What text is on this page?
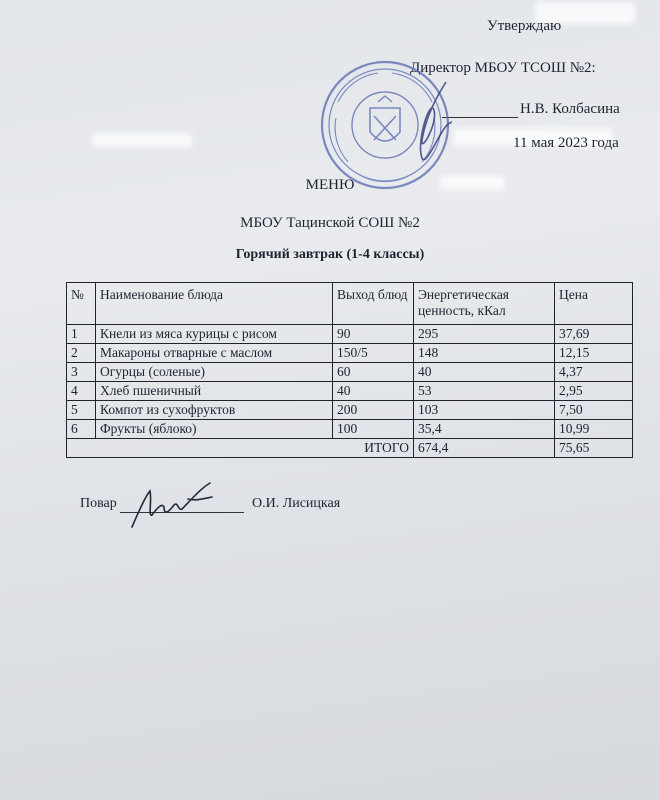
Утверждаю
Директор МБОУ ТСОШ №2:
Н.В. Колбасина
11 мая 2023 года
МЕНЮ
МБОУ Тацинской СОШ №2
Горячий завтрак (1-4 классы)
№	Наименование блюда	Выход блюд	Энергетическая ценность, кКал	Цена
1	Кнели из мяса курицы с рисом	90	295	37,69
2	Макароны отварные с маслом	150/5	148	12,15
3	Огурцы (соленые)	60	40	4,37
4	Хлеб пшеничный	40	53	2,95
5	Компот из сухофруктов	200	103	7,50
6	Фрукты (яблоко)	100	35,4	10,99
ИТОГО			674,4	75,65
Повар	О.И. Лисицкая
